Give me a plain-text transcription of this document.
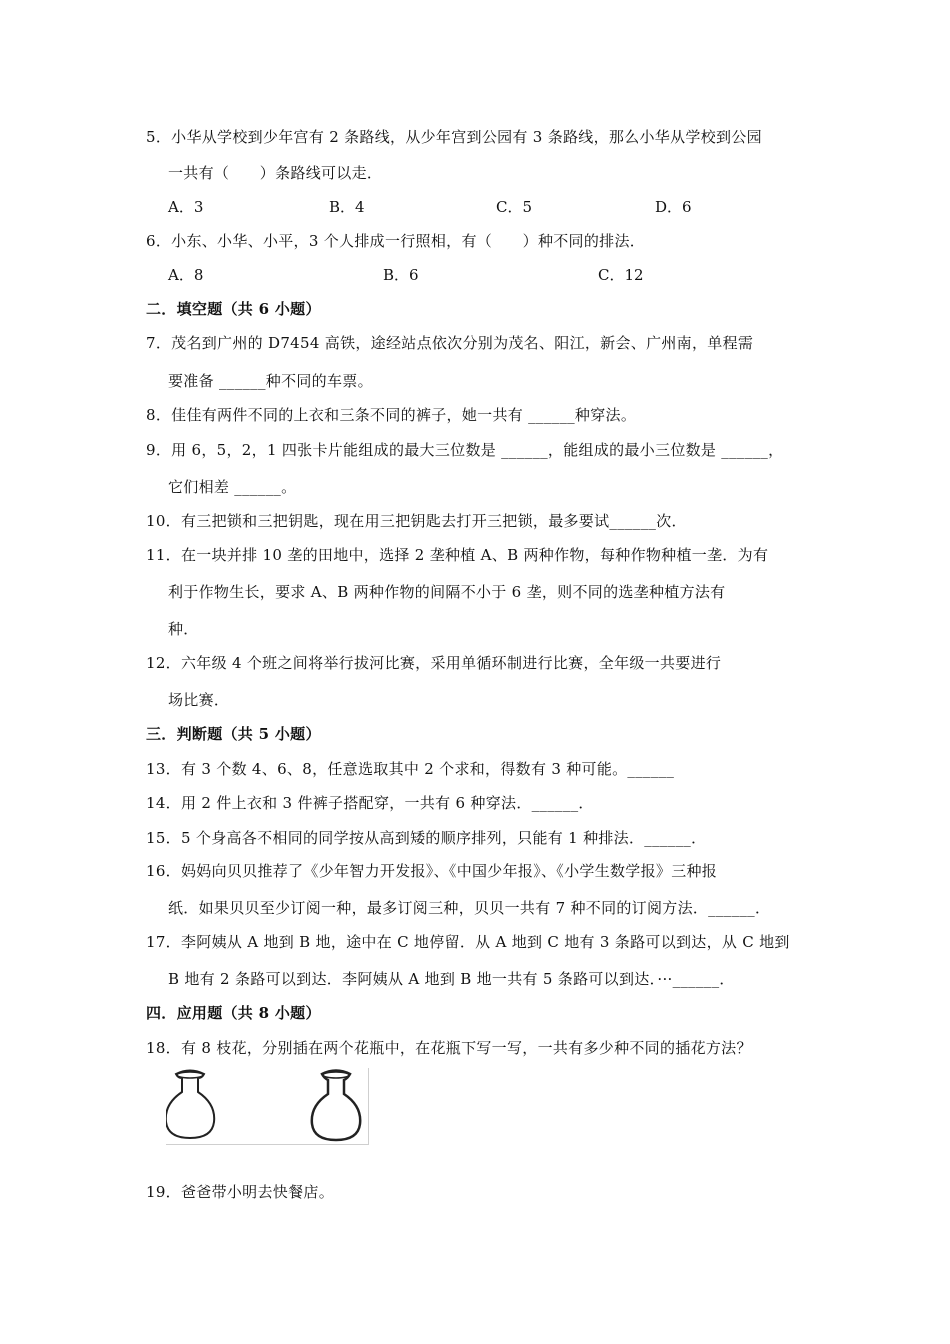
5．小华从学校到少年宫有 2 条路线，从少年宫到公园有 3 条路线，那么小华从学校到公园
一共有（　　）条路线可以走．
A．3	B．4	C．5	D．6
6．小东、小华、小平，3 个人排成一行照相，有（　　）种不同的排法．
A．8	B．6	C．12
二．填空题（共 6 小题）
7．茂名到广州的 D7454 高铁，途经站点依次分别为茂名、阳江，新会、广州南，单程需
要准备 ______种不同的车票。
8．佳佳有两件不同的上衣和三条不同的裤子，她一共有 ______种穿法。
9．用 6，5，2，1 四张卡片能组成的最大三位数是 ______，能组成的最小三位数是 ______，
它们相差 ______。
10．有三把锁和三把钥匙，现在用三把钥匙去打开三把锁，最多要试______次．
11．在一块并排 10 垄的田地中，选择 2 垄种植 A、B 两种作物，每种作物种植一垄．为有
利于作物生长，要求 A、B 两种作物的间隔不小于 6 垄，则不同的选垄种植方法有
种．
12．六年级 4 个班之间将举行拔河比赛，采用单循环制进行比赛，全年级一共要进行
场比赛．
三．判断题（共 5 小题）
13．有 3 个数 4、6、8，任意选取其中 2 个求和，得数有 3 种可能。______
14．用 2 件上衣和 3 件裤子搭配穿，一共有 6 种穿法．______．
15．5 个身高各不相同的同学按从高到矮的顺序排列，只能有 1 种排法．______．
16．妈妈向贝贝推荐了《少年智力开发报》、《中国少年报》、《小学生数学报》三种报
纸．如果贝贝至少订阅一种，最多订阅三种，贝贝一共有 7 种不同的订阅方法．______．
17．李阿姨从 A 地到 B 地，途中在 C 地停留．从 A 地到 C 地有 3 条路可以到达，从 C 地到
B 地有 2 条路可以到达．李阿姨从 A 地到 B 地一共有 5 条路可以到达．···______．
四．应用题（共 8 小题）
18．有 8 枝花，分别插在两个花瓶中，在花瓶下写一写，一共有多少种不同的插花方法？
19．爸爸带小明去快餐店。
